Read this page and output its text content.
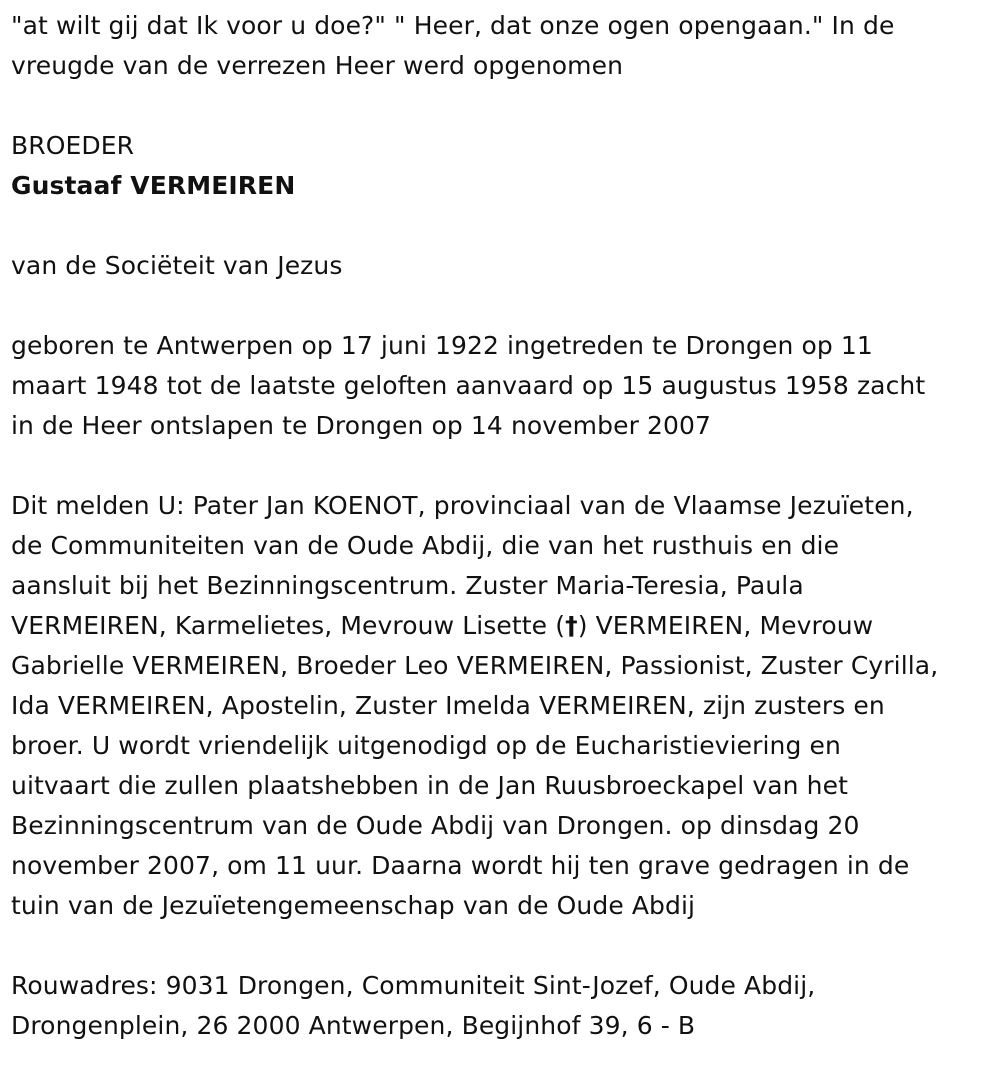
"at wilt gij dat Ik voor u doe?" " Heer, dat onze ogen opengaan." In de
vreugde van de verrezen Heer werd opgenomen
BROEDER
Gustaaf VERMEIREN
van de Sociëteit van Jezus
geboren te Antwerpen op 17 juni 1922 ingetreden te Drongen op 11
maart 1948 tot de laatste geloften aanvaard op 15 augustus 1958 zacht
in de Heer ontslapen te Drongen op 14 november 2007
Dit melden U: Pater Jan KOENOT, provinciaal van de Vlaamse Jezuïeten,
de Communiteiten van de Oude Abdij, die van het rusthuis en die
aansluit bij het Bezinningscentrum. Zuster Maria-Teresia, Paula
VERMEIREN, Karmelietes, Mevrouw Lisette (†) VERMEIREN, Mevrouw
Gabrielle VERMEIREN, Broeder Leo VERMEIREN, Passionist, Zuster Cyrilla,
Ida VERMEIREN, Apostelin, Zuster Imelda VERMEIREN, zijn zusters en
broer. U wordt vriendelijk uitgenodigd op de Eucharistieviering en
uitvaart die zullen plaatshebben in de Jan Ruusbroeckapel van het
Bezinningscentrum van de Oude Abdij van Drongen. op dinsdag 20
november 2007, om 11 uur. Daarna wordt hij ten grave gedragen in de
tuin van de Jezuïetengemeenschap van de Oude Abdij
Rouwadres: 9031 Drongen, Communiteit Sint-Jozef, Oude Abdij,
Drongenplein, 26 2000 Antwerpen, Begijnhof 39, 6 - B
